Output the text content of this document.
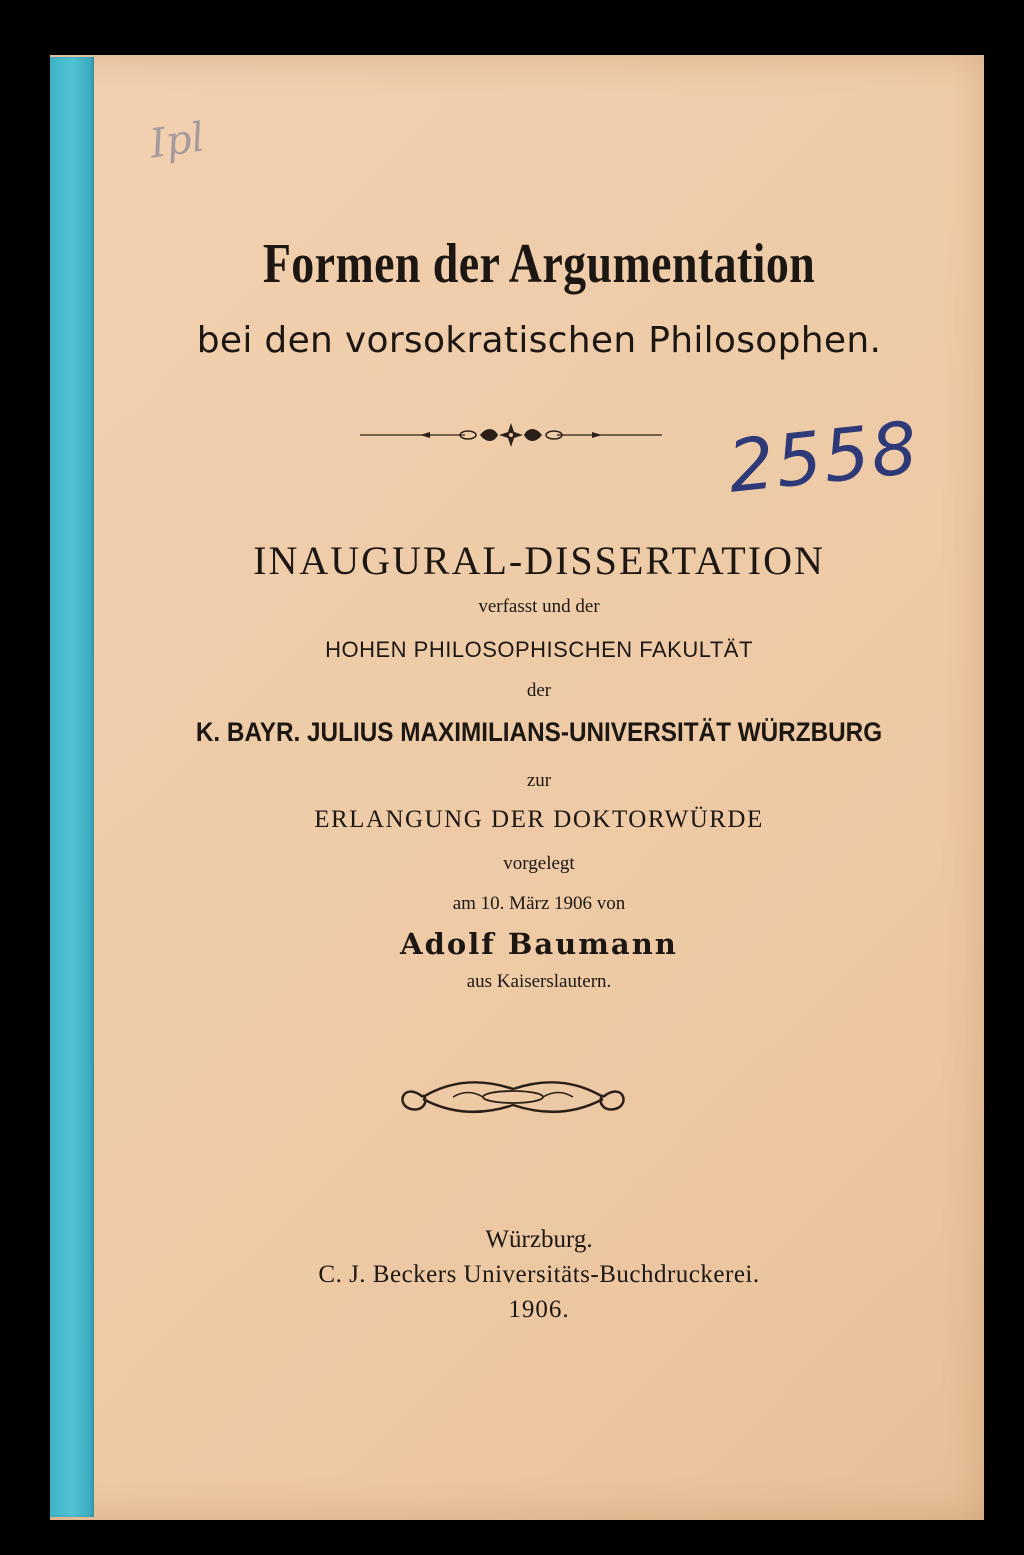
Ipl
Formen der Argumentation
bei den vorsokratischen Philosophen.
2558
INAUGURAL-DISSERTATION
verfasst und der
HOHEN PHILOSOPHISCHEN FAKULTÄT
der
K. BAYR. JULIUS MAXIMILIANS-UNIVERSITÄT WÜRZBURG
zur
ERLANGUNG DER DOKTORWÜRDE
vorgelegt
am 10. März 1906 von
Adolf Baumann
aus Kaiserslautern.
Würzburg.
C. J. Beckers Universitäts-Buchdruckerei.
1906.
